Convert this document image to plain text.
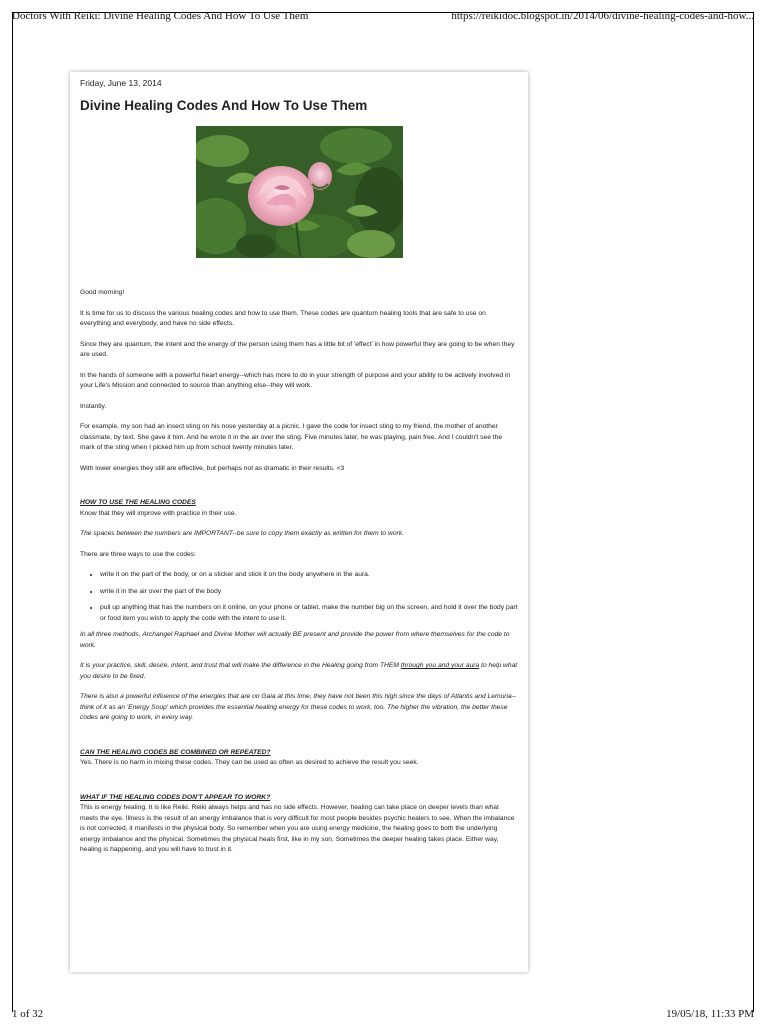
Doctors With Reiki: Divine Healing Codes And How To Use Them	https://reikidoc.blogspot.in/2014/06/divine-healing-codes-and-how...
Friday, June 13, 2014
Divine Healing Codes And How To Use Them

Good morning!

It is time for us to discuss the various healing codes and how to use them. These codes are quantum healing tools that are safe to use on everything and everybody, and have no side effects.

Since they are quantum, the intent and the energy of the person using them has a little bit of 'effect' in how powerful they are going to be when they are used.

In the hands of someone with a powerful heart energy--which has more to do in your strength of purpose and your ability to be actively involved in your Life's Mission and connected to source than anything else--they will work.

Instantly.

For example, my son had an insect sting on his nose yesterday at a picnic. I gave the code for insect sting to my friend, the mother of another classmate, by text. She gave it him. And he wrote it in the air over the sting. Five minutes later, he was playing, pain free. And I couldn't see the mark of the sting when I picked him up from school twenty minutes later.

With lower energies they still are effective, but perhaps not as dramatic in their results. <3

HOW TO USE THE HEALING CODES

Know that they will improve with practice in their use.

The spaces between the numbers are IMPORTANT--be sure to copy them exactly as written for them to work.

There are three ways to use the codes:

• write it on the part of the body, or on a sticker and stick it on the body anywhere in the aura.
• write it in the air over the part of the body
• pull up anything that has the numbers on it online, on your phone or tablet, make the number big on the screen, and hold it over the body part or food item you wish to apply the code with the intent to use it.

In all three methods, Archangel Raphael and Divine Mother will actually BE present and provide the power from where themselves for the code to work.

It is your practice, skill, desire, intent, and trust that will make the difference in the Healing going from THEM through you and your aura to help what you desire to be fixed.

There is also a powerful influence of the energies that are on Gaia at this time, they have not been this high since the days of Atlantis and Lemuria--think of it as an 'Energy Soup' which provides the essential healing energy for these codes to work, too. The higher the vibration, the better these codes are going to work, in every way.

CAN THE HEALING CODES BE COMBINED OR REPEATED?

Yes. There is no harm in mixing these codes. They can be used as often as desired to achieve the result you seek.

WHAT IF THE HEALING CODES DON'T APPEAR TO WORK?

This is energy healing. It is like Reiki. Reiki always helps and has no side effects. However, healing can take place on deeper levels than what meets the eye. Illness is the result of an energy imbalance that is very difficult for most people besides psychic healers to see. When the imbalance is not corrected, it manifests in the physical body. So remember when you are using energy medicine, the healing goes to both the underlying energy imbalance and the physical. Sometimes the physical heals first, like in my son. Sometimes the deeper healing takes place. Either way, healing is happening, and you will have to trust in it.

1 of 32	19/05/18, 11:33 PM
